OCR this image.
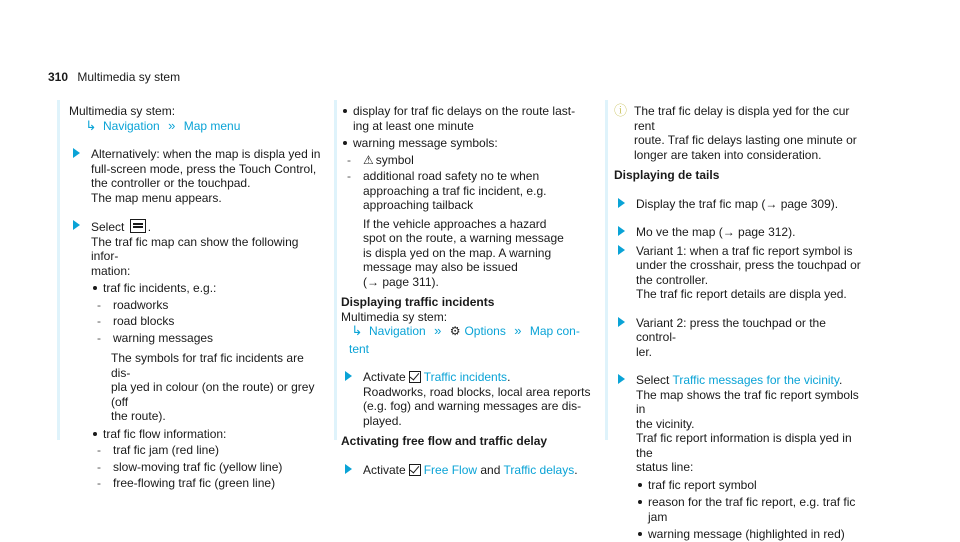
310 Multimedia sy stem

Multimedia sy stem:

↳ Navigation » Map menu
Alternatively: when the map is displa yed in
full-screen mode, press the Touch Control,
the controller or the touchpad.
The map menu appears.
Select .
The traf fic map can show the following infor-
mation:
traf fic incidents, e.g.:
- roadworks
- road blocks
- warning messages
The symbols for traf fic incidents are dis-
pla yed in colour (on the route) or grey (off
the route).
traf fic flow information:
- traf fic jam (red line)
- slow-moving traf fic (yellow line)
- free-flowing traf fic (green line)
display for traf fic delays on the route last-
ing at least one minute
warning message symbols:
- ⚠ symbol
- additional road safety no te when
approaching a traf fic incident, e.g.
approaching tailback
If the vehicle approaches a hazard
spot on the route, a warning message
is displa yed on the map. A warning
message may also be issued
(→ page 311).
Displaying traffic incidents
Multimedia sy stem:
↳ Navigation » ⚙ Options » Map con-
tent
Activate Traffic incidents.
Roadworks, road blocks, local area reports
(e.g. fog) and warning messages are dis-
played.
Activating free flow and traffic delay
Activate Free Flow and Traffic delays.
ⓘ The traf fic delay is displa yed for the cur rent
route. Traf fic delays lasting one minute or
longer are taken into consideration.
Displaying de tails
Display the traf fic map (→ page 309).
Mo ve the map (→ page 312).
Variant 1: when a traf fic report symbol is
under the crosshair, press the touchpad or
the controller.
The traf fic report details are displa yed.
Variant 2: press the touchpad or the control-
ler.
Select Traffic messages for the vicinity.
The map shows the traf fic report symbols in
the vicinity.
Traf fic report information is displa yed in the
status line:
traf fic report symbol
reason for the traf fic report, e.g. traf fic jam
warning message (highlighted in red)
